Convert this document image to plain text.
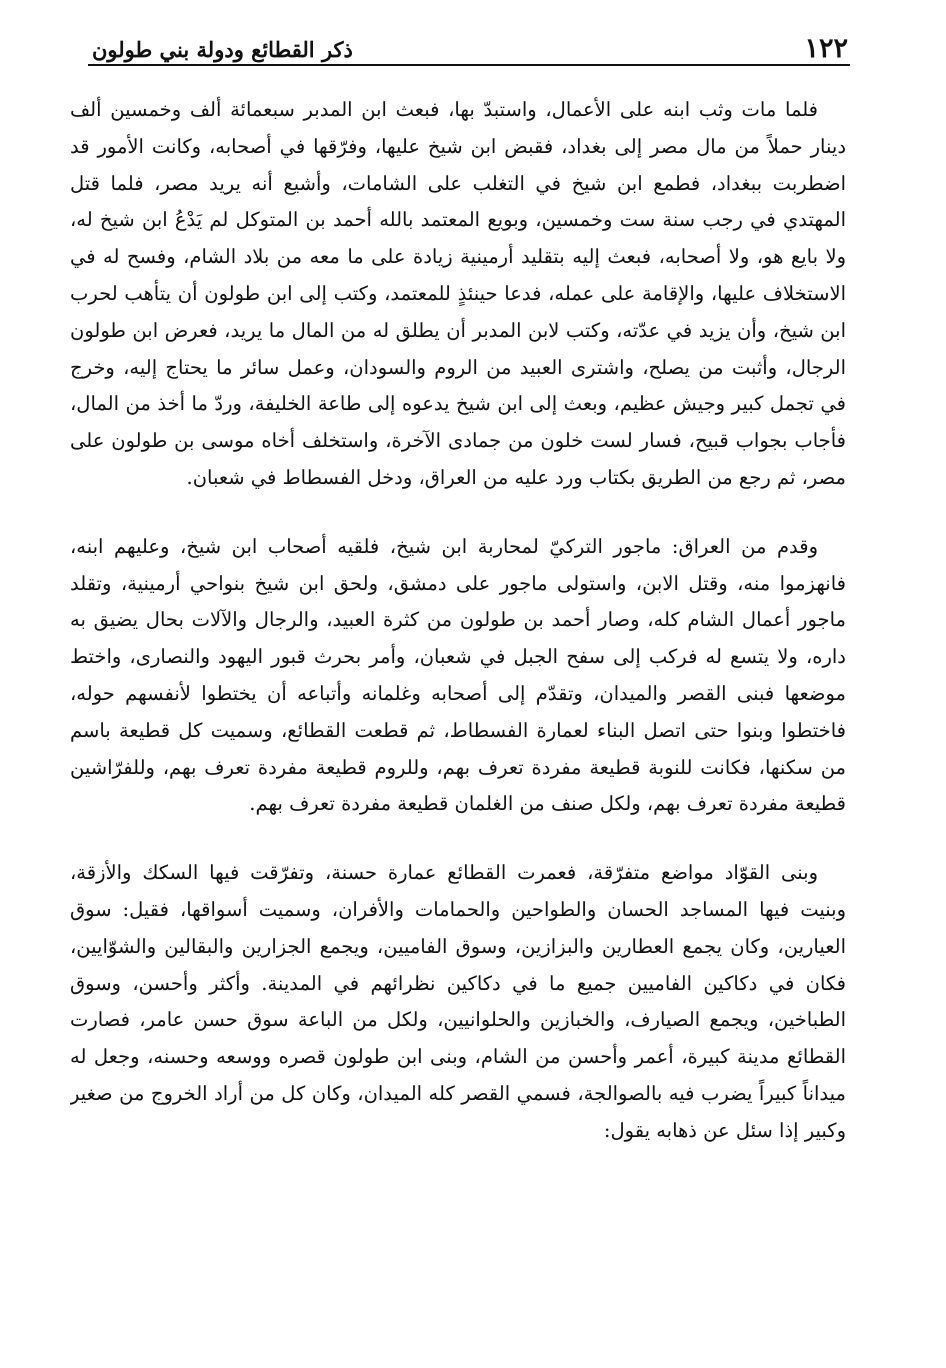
١٢٢
ذكر القطائع ودولة بني طولون

فلما مات وثب ابنه على الأعمال، واستبدّ بها، فبعث ابن المدبر سبعمائة ألف وخمسين ألف دينار حملاً من مال مصر إلى بغداد، فقبض ابن شيخ عليها، وفرّقها في أصحابه، وكانت الأمور قد اضطربت ببغداد، فطمع ابن شيخ في التغلب على الشامات، وأشيع أنه يريد مصر، فلما قتل المهتدي في رجب سنة ست وخمسين، وبويع المعتمد بالله أحمد بن المتوكل لم يَدْعُ ابن شيخ له، ولا بايع هو، ولا أصحابه، فبعث إليه بتقليد أرمينية زيادة على ما معه من بلاد الشام، وفسح له في الاستخلاف عليها، والإقامة على عمله، فدعا حينئذٍ للمعتمد، وكتب إلى ابن طولون أن يتأهب لحرب ابن شيخ، وأن يزيد في عدّته، وكتب لابن المدبر أن يطلق له من المال ما يريد، فعرض ابن طولون الرجال، وأثبت من يصلح، واشترى العبيد من الروم والسودان، وعمل سائر ما يحتاج إليه، وخرج في تجمل كبير وجيش عظيم، وبعث إلى ابن شيخ يدعوه إلى طاعة الخليفة، وردّ ما أخذ من المال، فأجاب بجواب قبيح، فسار لست خلون من جمادى الآخرة، واستخلف أخاه موسى بن طولون على مصر، ثم رجع من الطريق بكتاب ورد عليه من العراق، ودخل الفسطاط في شعبان.

وقدم من العراق: ماجور التركيّ لمحاربة ابن شيخ، فلقيه أصحاب ابن شيخ، وعليهم ابنه، فانهزموا منه، وقتل الابن، واستولى ماجور على دمشق، ولحق ابن شيخ بنواحي أرمينية، وتقلد ماجور أعمال الشام كله، وصار أحمد بن طولون من كثرة العبيد، والرجال والآلات بحال يضيق به داره، ولا يتسع له فركب إلى سفح الجبل في شعبان، وأمر بحرث قبور اليهود والنصارى، واختط موضعها فبنى القصر والميدان، وتقدّم إلى أصحابه وغلمانه وأتباعه أن يختطوا لأنفسهم حوله، فاختطوا وبنوا حتى اتصل البناء لعمارة الفسطاط، ثم قطعت القطائع، وسميت كل قطيعة باسم من سكنها، فكانت للنوبة قطيعة مفردة تعرف بهم، وللروم قطيعة مفردة تعرف بهم، وللفرّاشين قطيعة مفردة تعرف بهم، ولكل صنف من الغلمان قطيعة مفردة تعرف بهم.

وبنى القوّاد مواضع متفرّقة، فعمرت القطائع عمارة حسنة، وتفرّقت فيها السكك والأزقة، وبنيت فيها المساجد الحسان والطواحين والحمامات والأفران، وسميت أسواقها، فقيل: سوق العيارين، وكان يجمع العطارين والبزازين، وسوق الفاميين، ويجمع الجزارين والبقالين والشوّايين، فكان في دكاكين الفاميين جميع ما في دكاكين نظرائهم في المدينة. وأكثر وأحسن، وسوق الطباخين، ويجمع الصيارف، والخبازين والحلوانيين، ولكل من الباعة سوق حسن عامر، فصارت القطائع مدينة كبيرة، أعمر وأحسن من الشام، وبنى ابن طولون قصره ووسعه وحسنه، وجعل له ميداناً كبيراً يضرب فيه بالصوالجة، فسمي القصر كله الميدان، وكان كل من أراد الخروج من صغير وكبير إذا سئل عن ذهابه يقول:
